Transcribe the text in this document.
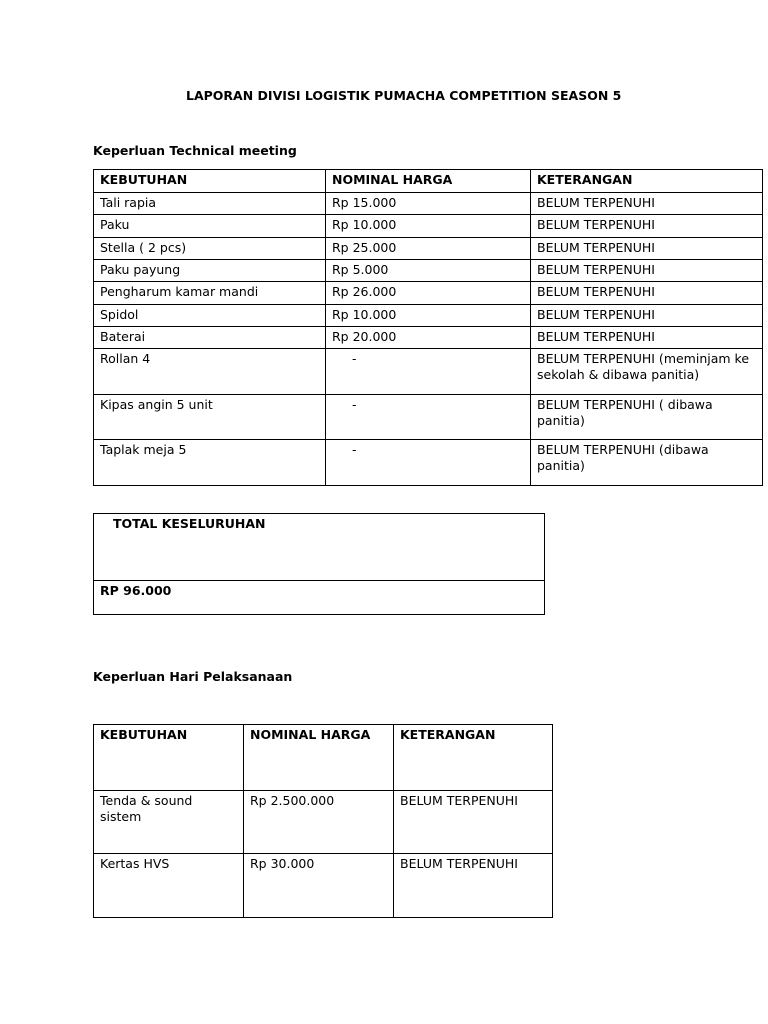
LAPORAN DIVISI LOGISTIK PUMACHA COMPETITION SEASON 5
Keperluan Technical meeting
KEBUTUHAN	NOMINAL HARGA	KETERANGAN
Tali rapia	Rp 15.000	BELUM TERPENUHI
Paku	Rp 10.000	BELUM TERPENUHI
Stella ( 2 pcs)	Rp 25.000	BELUM TERPENUHI
Paku payung	Rp 5.000	BELUM TERPENUHI
Pengharum kamar mandi	Rp 26.000	BELUM TERPENUHI
Spidol	Rp 10.000	BELUM TERPENUHI
Baterai	Rp 20.000	BELUM TERPENUHI
Rollan 4	-	BELUM TERPENUHI (meminjam ke sekolah & dibawa panitia)
Kipas angin 5 unit	-	BELUM TERPENUHI ( dibawa panitia)
Taplak meja 5	-	BELUM TERPENUHI (dibawa panitia)
TOTAL KESELURUHAN
RP 96.000
Keperluan Hari Pelaksanaan
KEBUTUHAN	NOMINAL HARGA	KETERANGAN
Tenda & sound sistem	Rp 2.500.000	BELUM TERPENUHI
Kertas HVS	Rp 30.000	BELUM TERPENUHI
